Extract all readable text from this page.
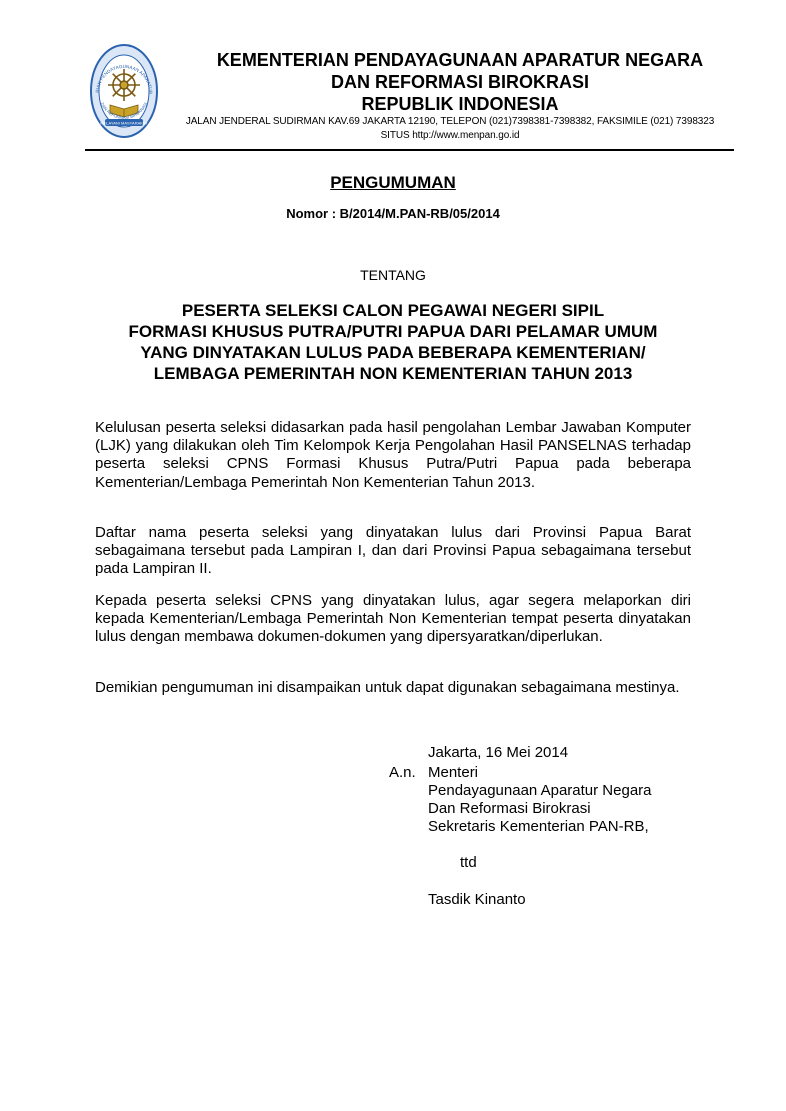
MELAYANI MASYARAKAT
RIAN PENDAYAGUNAAN APARATUR
DAN REFORMASI BIROKRASI
KEMENTERIAN PENDAYAGUNAAN APARATUR NEGARA
DAN REFORMASI BIROKRASI
REPUBLIK INDONESIA
JALAN JENDERAL SUDIRMAN KAV.69 JAKARTA 12190, TELEPON (021)7398381-7398382, FAKSIMILE (021) 7398323
SITUS http://www.menpan.go.id
PENGUMUMAN
Nomor : B/2014/M.PAN-RB/05/2014
TENTANG
PESERTA SELEKSI CALON PEGAWAI NEGERI SIPIL
FORMASI KHUSUS PUTRA/PUTRI PAPUA DARI PELAMAR UMUM
YANG DINYATAKAN LULUS PADA BEBERAPA KEMENTERIAN/
LEMBAGA PEMERINTAH NON KEMENTERIAN TAHUN 2013

Kelulusan peserta seleksi didasarkan pada hasil pengolahan Lembar Jawaban Komputer (LJK) yang dilakukan oleh Tim Kelompok Kerja Pengolahan Hasil PANSELNAS terhadap peserta seleksi CPNS Formasi Khusus Putra/Putri Papua pada beberapa Kementerian/Lembaga Pemerintah Non Kementerian Tahun 2013.

Daftar nama peserta seleksi yang dinyatakan lulus dari Provinsi Papua Barat sebagaimana tersebut pada Lampiran I, dan dari Provinsi Papua sebagaimana tersebut pada Lampiran II.

Kepada peserta seleksi CPNS yang dinyatakan lulus, agar segera melaporkan diri kepada Kementerian/Lembaga Pemerintah Non Kementerian tempat peserta dinyatakan lulus dengan membawa dokumen-dokumen yang dipersyaratkan/diperlukan.

Demikian pengumuman ini disampaikan untuk dapat digunakan sebagaimana mestinya.

Jakarta, 16 Mei 2014
A.n. Menteri
Pendayagunaan Aparatur Negara
Dan Reformasi Birokrasi
Sekretaris Kementerian PAN-RB,
ttd
Tasdik Kinanto
